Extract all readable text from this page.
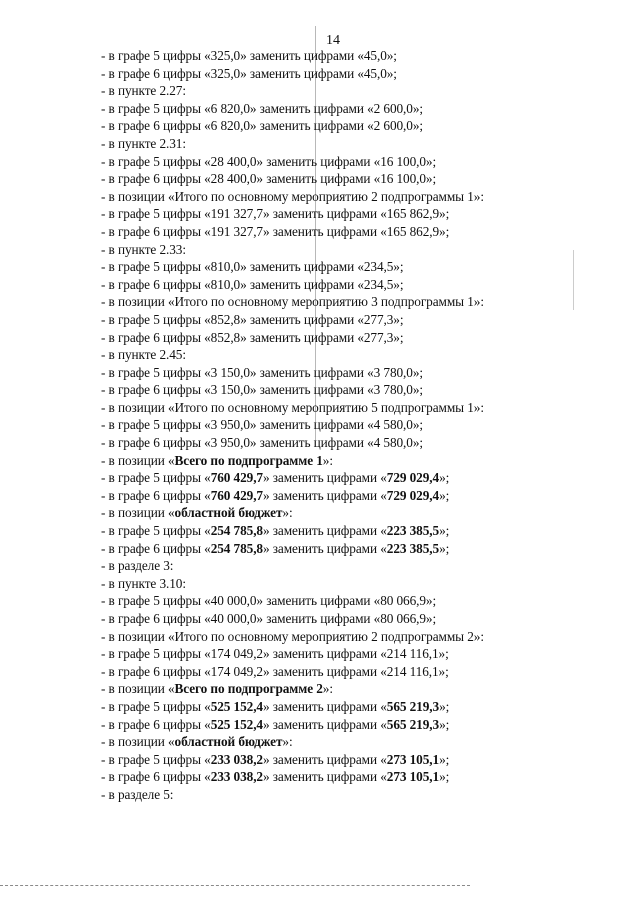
14
- в графе 5 цифры «325,0» заменить цифрами «45,0»;
- в графе 6 цифры «325,0» заменить цифрами «45,0»;
- в пункте 2.27:
- в графе 5 цифры «6 820,0» заменить цифрами «2 600,0»;
- в графе 6 цифры «6 820,0» заменить цифрами «2 600,0»;
- в пункте 2.31:
- в графе 5 цифры «28 400,0» заменить цифрами «16 100,0»;
- в графе 6 цифры «28 400,0» заменить цифрами «16 100,0»;
- в позиции «Итого по основному мероприятию 2 подпрограммы 1»:
- в графе 5 цифры «191 327,7» заменить цифрами «165 862,9»;
- в графе 6 цифры «191 327,7» заменить цифрами «165 862,9»;
- в пункте 2.33:
- в графе 5 цифры «810,0» заменить цифрами «234,5»;
- в графе 6 цифры «810,0» заменить цифрами «234,5»;
- в позиции «Итого по основному мероприятию 3 подпрограммы 1»:
- в графе 5 цифры «852,8» заменить цифрами «277,3»;
- в графе 6 цифры «852,8» заменить цифрами «277,3»;
- в пункте 2.45:
- в графе 5 цифры «3 150,0» заменить цифрами «3 780,0»;
- в графе 6 цифры «3 150,0» заменить цифрами «3 780,0»;
- в позиции «Итого по основному мероприятию 5 подпрограммы 1»:
- в графе 5 цифры «3 950,0» заменить цифрами «4 580,0»;
- в графе 6 цифры «3 950,0» заменить цифрами «4 580,0»;
- в позиции «Всего по подпрограмме 1»:
- в графе 5 цифры «760 429,7» заменить цифрами «729 029,4»;
- в графе 6 цифры «760 429,7» заменить цифрами «729 029,4»;
- в позиции «областной бюджет»:
- в графе 5 цифры «254 785,8» заменить цифрами «223 385,5»;
- в графе 6 цифры «254 785,8» заменить цифрами «223 385,5»;
- в разделе 3:
- в пункте 3.10:
- в графе 5 цифры «40 000,0» заменить цифрами «80 066,9»;
- в графе 6 цифры «40 000,0» заменить цифрами «80 066,9»;
- в позиции «Итого по основному мероприятию 2 подпрограммы 2»:
- в графе 5 цифры «174 049,2» заменить цифрами «214 116,1»;
- в графе 6 цифры «174 049,2» заменить цифрами «214 116,1»;
- в позиции «Всего по подпрограмме 2»:
- в графе 5 цифры «525 152,4» заменить цифрами «565 219,3»;
- в графе 6 цифры «525 152,4» заменить цифрами «565 219,3»;
- в позиции «областной бюджет»:
- в графе 5 цифры «233 038,2» заменить цифрами «273 105,1»;
- в графе 6 цифры «233 038,2» заменить цифрами «273 105,1»;
- в разделе 5:
